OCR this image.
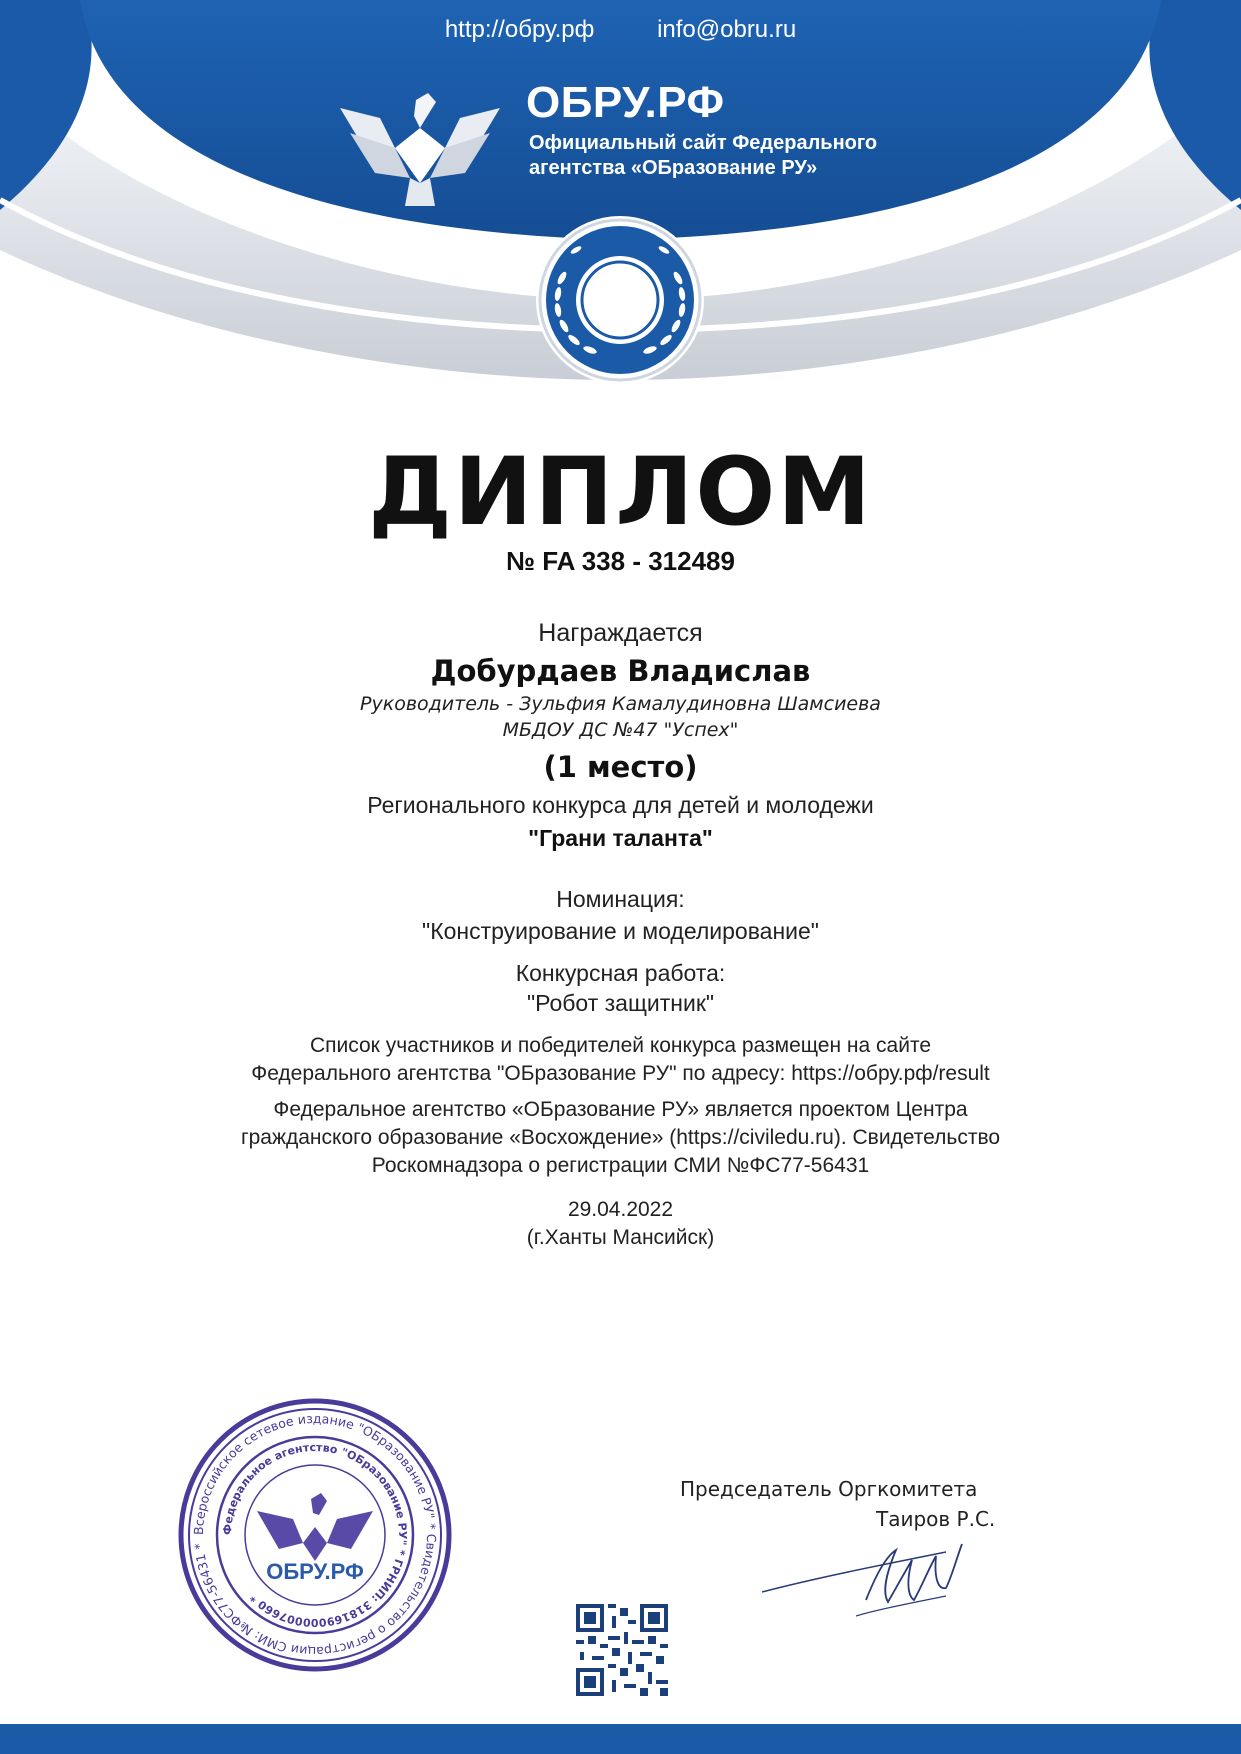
http://обру.рф	info@obru.ru
ОБРУ.РФ
Официальный сайт Федерального
агентства «ОБразование РУ»
ДИПЛОМ
№ FA 338 - 312489
Награждается
Добурдаев Владислав
Руководитель - Зульфия Камалудиновна Шамсиева
МБДОУ ДС №47 "Успех"
(1 место)
Регионального конкурса для детей и молодежи
"Грани таланта"
Номинация:
"Конструирование и моделирование"
Конкурсная работа:
"Робот защитник"
Список участников и победителей конкурса размещен на сайте
Федерального агентства "ОБразование РУ" по адресу: https://обру.рф/result
Федеральное агентство «ОБразование РУ» является проектом Центра
гражданского образование «Восхождение» (https://civiledu.ru). Свидетельство
Роскомнадзора о регистрации СМИ №ФС77-56431
29.04.2022
(г.Ханты Мансийск)
Всероссийское сетевое издание "ОБразование РУ" * Свидетельство о регистрации СМИ: №ФС77-56431 *
Федеральное агентство "ОБразование РУ" * ГРНИП: 318169000007660 *
ОБРУ.РФ
Председатель Оргкомитета
Таиров Р.С.
